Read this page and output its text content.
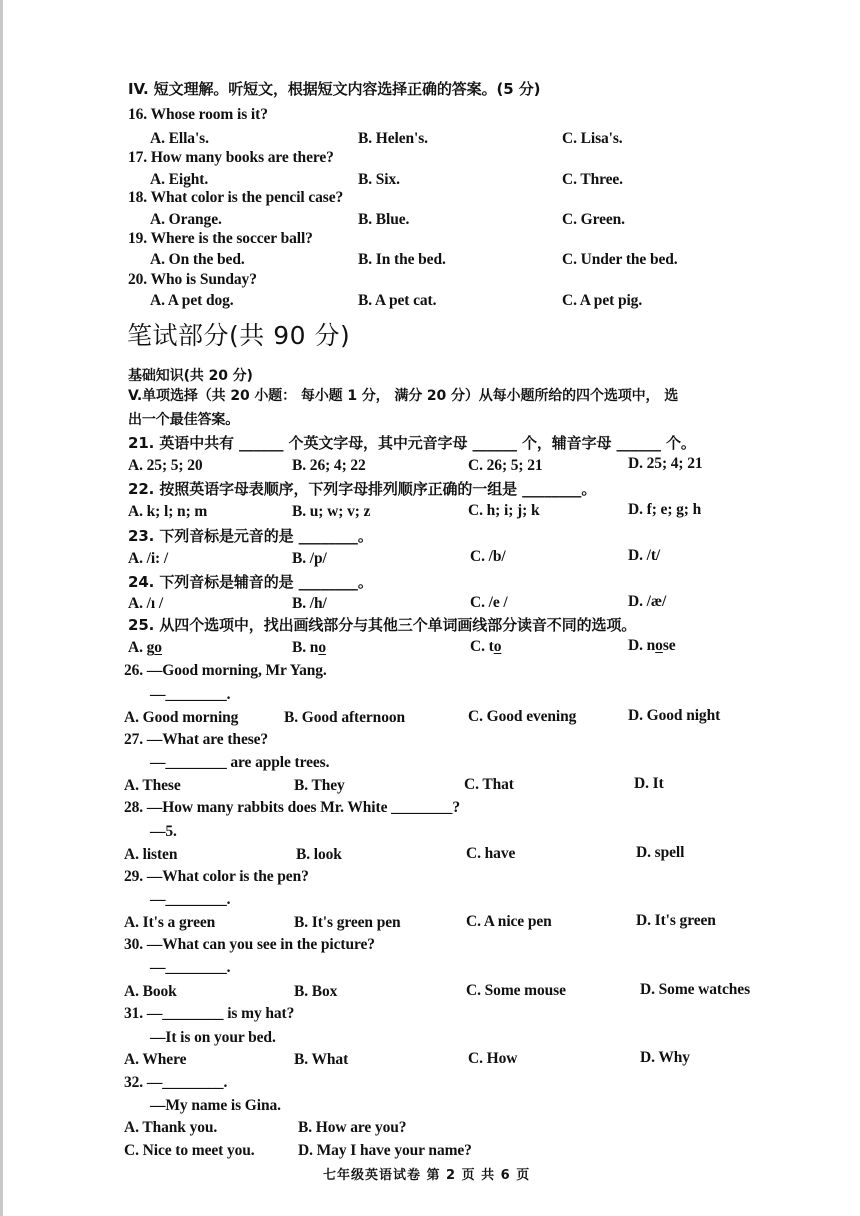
IV. 短文理解。听短文，根据短文内容选择正确的答案。(5 分)
16. Whose room is it?
A. Ella's.	B. Helen's.	C. Lisa's.
17. How many books are there?
A. Eight.	B. Six.	C. Three.
18. What color is the pencil case?
A. Orange.	B. Blue.	C. Green.
19. Where is the soccer ball?
A. On the bed.	B. In the bed.	C. Under the bed.
20. Who is Sunday?
A. A pet dog.	B. A pet cat.	C. A pet pig.
笔试部分(共 90 分)
基础知识(共 20 分)
V.单项选择（共 20 小题： 每小题 1 分， 满分 20 分）从每小题所给的四个选项中， 选
出一个最佳答案。
21. 英语中共有 ______ 个英文字母，其中元音字母 ______ 个，辅音字母 ______ 个。
A. 25; 5; 20	B. 26; 4; 22	C. 26; 5; 21	D. 25; 4; 21
22. 按照英语字母表顺序，下列字母排列顺序正确的一组是 ________。
A. k; l; n; m	B. u; w; v; z	C. h; i; j; k	D. f; e; g; h
23. 下列音标是元音的是 ________。
A. /i: /	B. /p/	C. /b/	D. /t/
24. 下列音标是辅音的是 ________。
A. /ı /	B. /h/	C. /e /	D. /æ/
25. 从四个选项中，找出画线部分与其他三个单词画线部分读音不同的选项。
A. go	B. no	C. to	D. nose
26. —Good morning, Mr Yang.
—________.
A. Good morning	B. Good afternoon	C. Good evening	D. Good night
27. —What are these?
—________ are apple trees.
A. These	B. They	C. That	D. It
28. —How many rabbits does Mr. White ________?
—5.
A. listen	B. look	C. have	D. spell
29. —What color is the pen?
—________.
A. It's a green	B. It's green pen	C. A nice pen	D. It's green
30. —What can you see in the picture?
—________.
A. Book	B. Box	C. Some mouse	D. Some watches
31. —________ is my hat?
—It is on your bed.
A. Where	B. What	C. How	D. Why
32. —________.
—My name is Gina.
A. Thank you.	B. How are you?
C. Nice to meet you.	D. May I have your name?
七年级英语试卷 第 2 页 共 6 页
